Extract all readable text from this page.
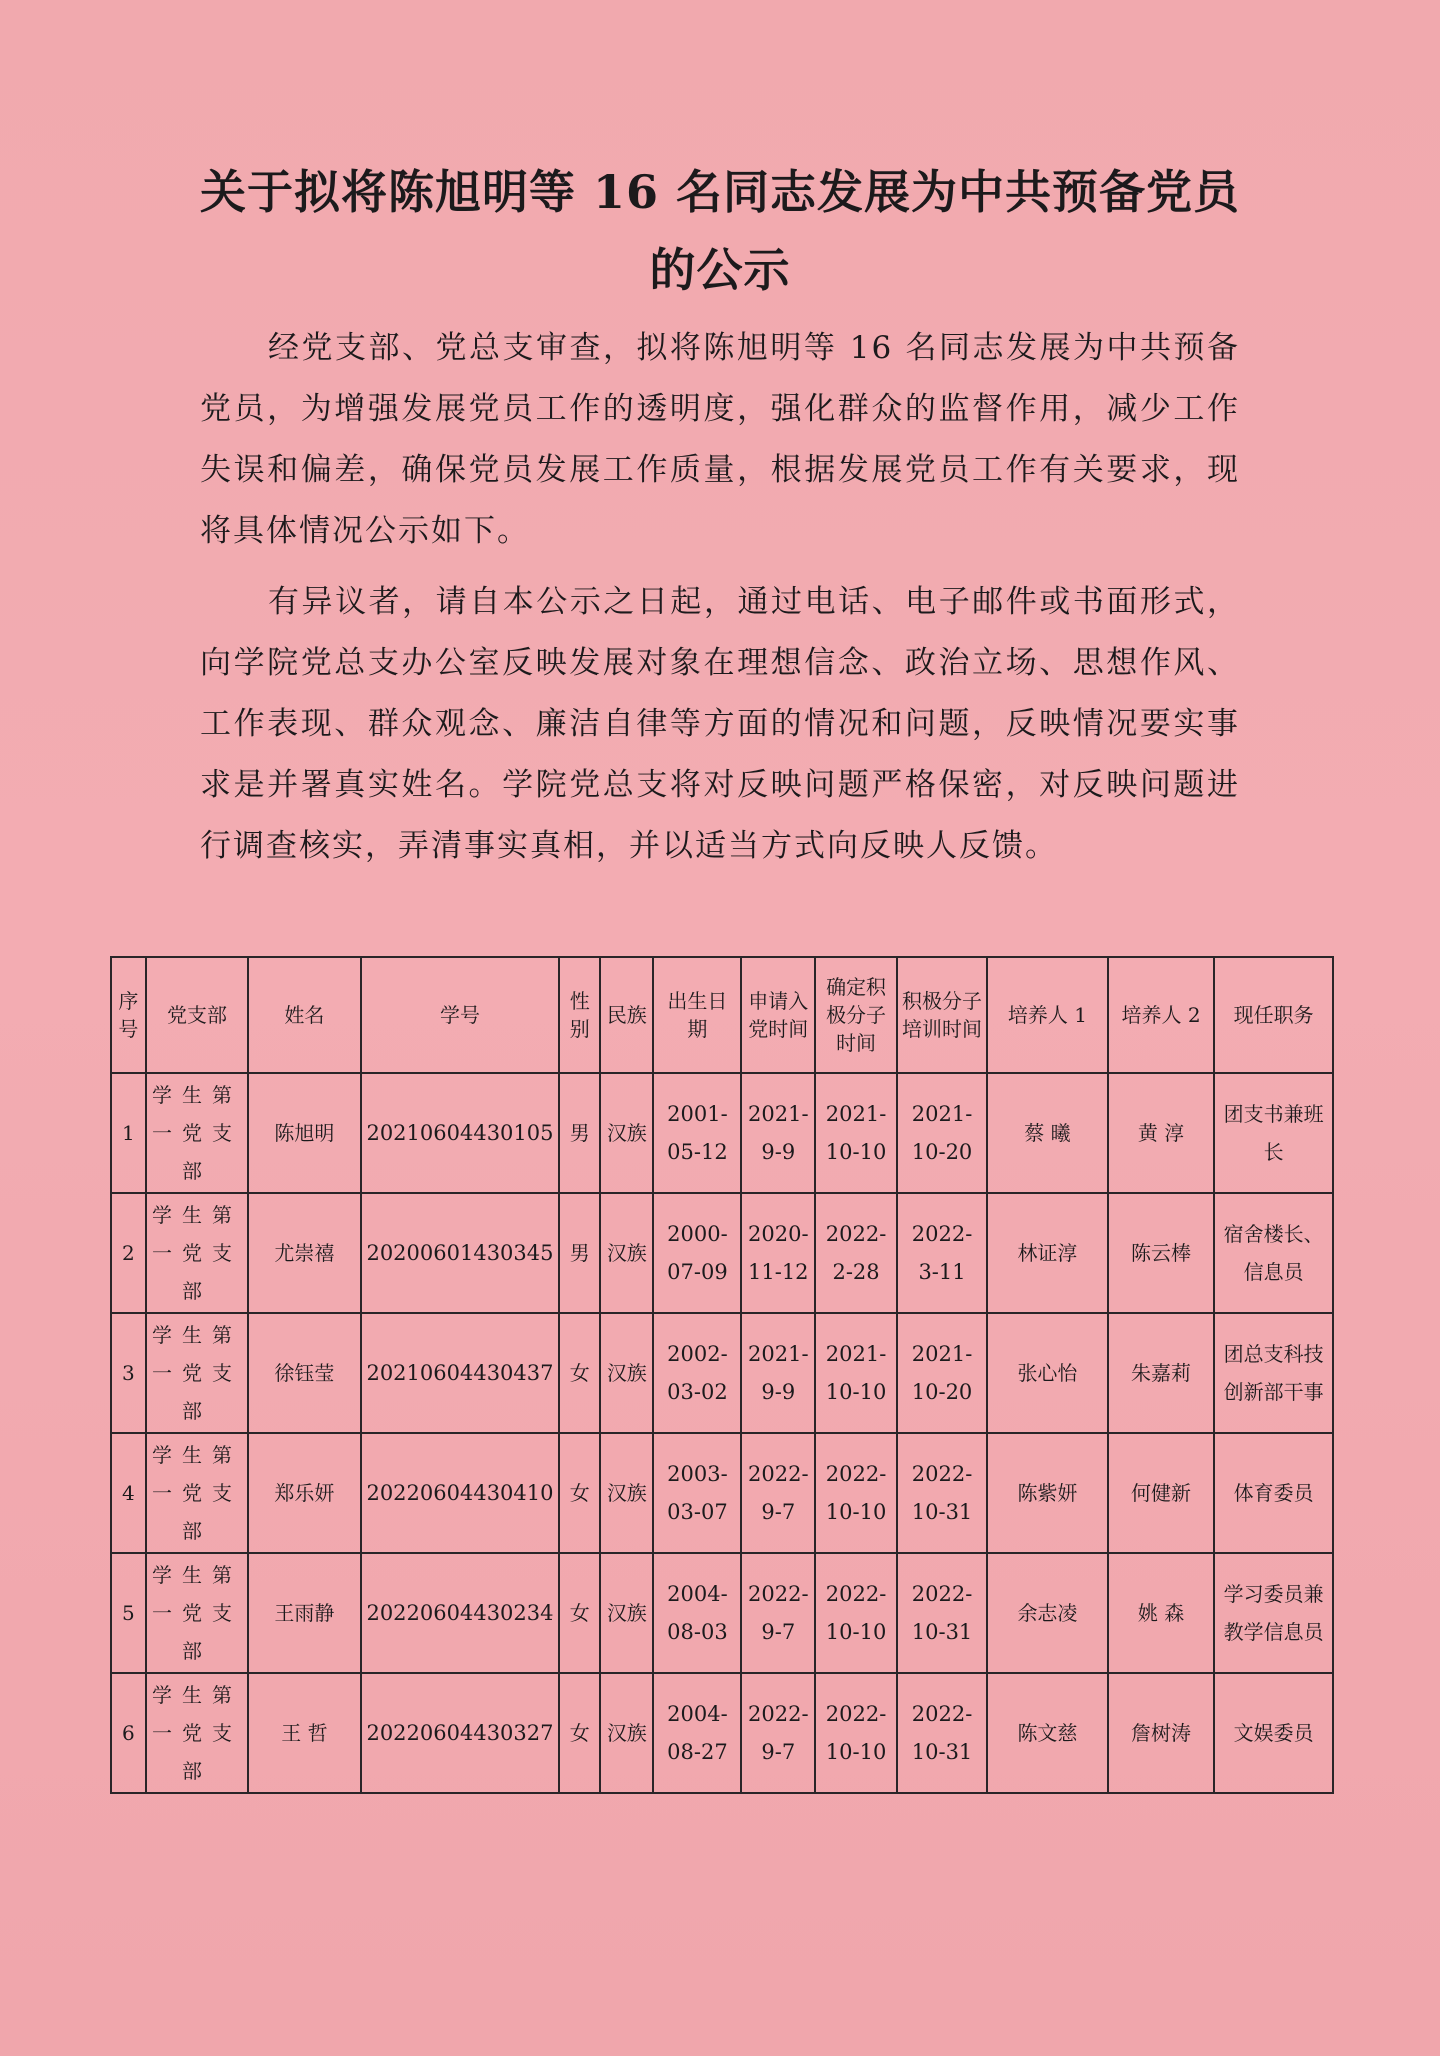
关于拟将陈旭明等 16 名同志发展为中共预备党员
的公示

经党支部、党总支审查，拟将陈旭明等 16 名同志发展为中共预备党员，为增强发展党员工作的透明度，强化群众的监督作用，减少工作失误和偏差，确保党员发展工作质量，根据发展党员工作有关要求，现将具体情况公示如下。

有异议者，请自本公示之日起，通过电话、电子邮件或书面形式，向学院党总支办公室反映发展对象在理想信念、政治立场、思想作风、工作表现、群众观念、廉洁自律等方面的情况和问题，反映情况要实事求是并署真实姓名。学院党总支将对反映问题严格保密，对反映问题进行调查核实，弄清事实真相，并以适当方式向反映人反馈。

序号	党支部	姓名	学号	性别	民族	出生日期	申请入党时间	确定积极分子时间	积极分子培训时间	培养人 1	培养人 2	现任职务
1	学生第一党支部	陈旭明	20210604430105	男	汉族	2001-05-12	2021-9-9	2021-10-10	2021-10-20	蔡 曦	黄 淳	团支书兼班长
2	学生第一党支部	尤崇禧	20200601430345	男	汉族	2000-07-09	2020-11-12	2022-2-28	2022-3-11	林证淳	陈云棒	宿舍楼长、信息员
3	学生第一党支部	徐钰莹	20210604430437	女	汉族	2002-03-02	2021-9-9	2021-10-10	2021-10-20	张心怡	朱嘉莉	团总支科技创新部干事
4	学生第一党支部	郑乐妍	20220604430410	女	汉族	2003-03-07	2022-9-7	2022-10-10	2022-10-31	陈紫妍	何健新	体育委员
5	学生第一党支部	王雨静	20220604430234	女	汉族	2004-08-03	2022-9-7	2022-10-10	2022-10-31	余志凌	姚 森	学习委员兼教学信息员
6	学生第一党支部	王 哲	20220604430327	女	汉族	2004-08-27	2022-9-7	2022-10-10	2022-10-31	陈文慈	詹树涛	文娱委员
